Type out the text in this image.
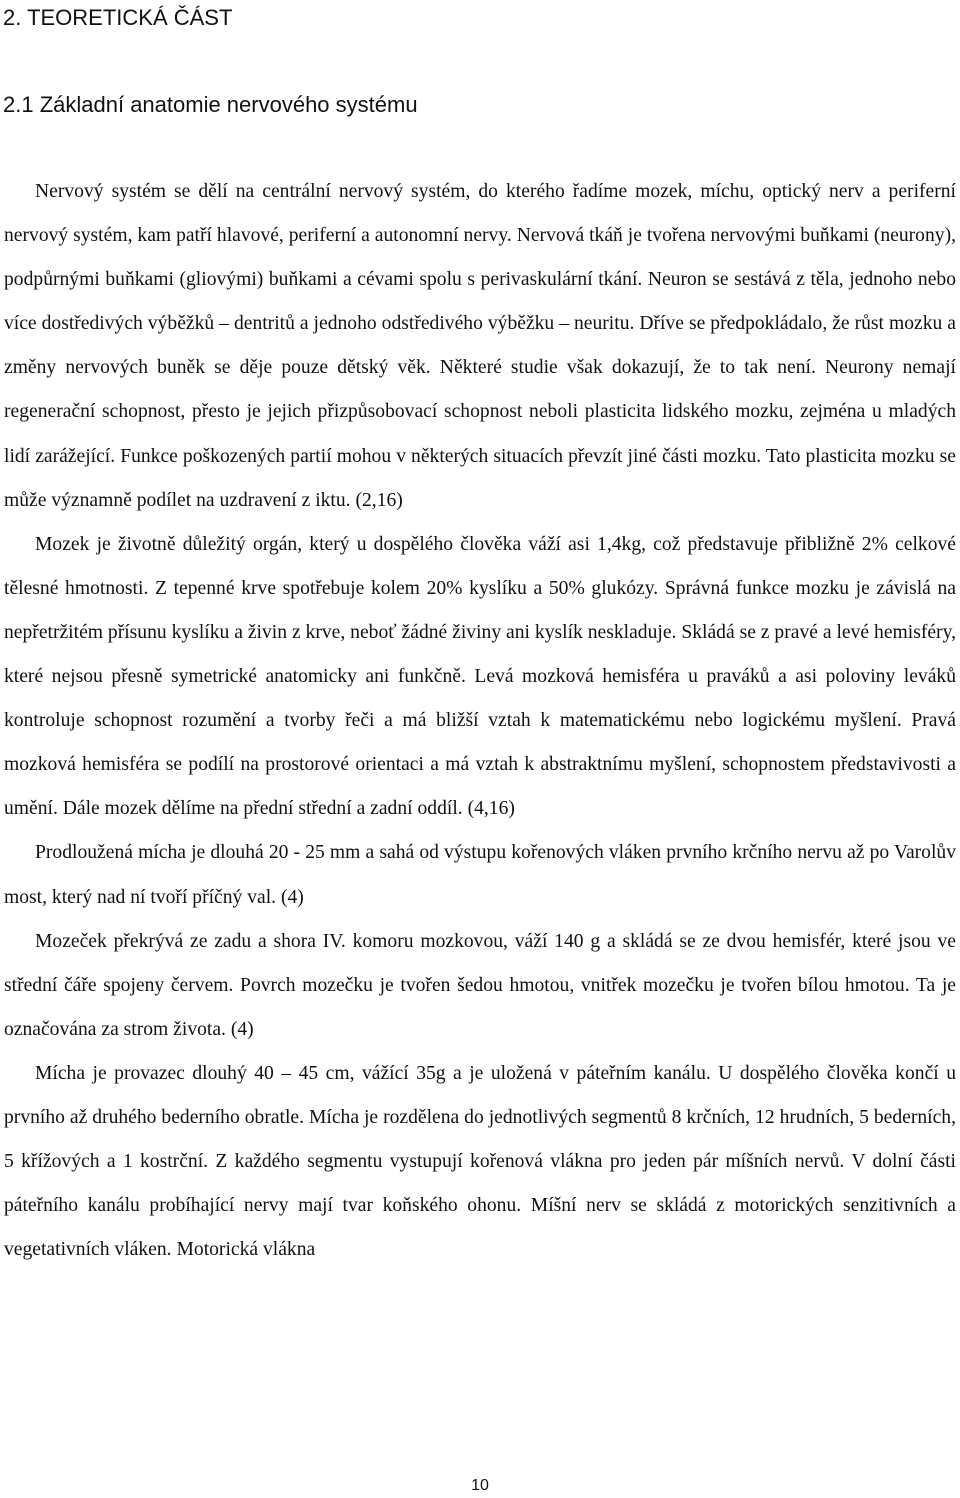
2. TEORETICKÁ ČÁST
2.1 Základní anatomie nervového systému

Nervový systém se dělí na centrální nervový systém, do kterého řadíme mozek, míchu, optický nerv a periferní nervový systém, kam patří hlavové, periferní a autonomní nervy. Nervová tkáň je tvořena nervovými buňkami (neurony), podpůrnými buňkami (gliovými) buňkami a cévami spolu s perivaskulární tkání. Neuron se sestává z těla, jednoho nebo více dostředivých výběžků – dentritů a jednoho odstředivého výběžku – neuritu. Dříve se předpokládalo, že růst mozku a změny nervových buněk se děje pouze dětský věk. Některé studie však dokazují, že to tak není. Neurony nemají regenerační schopnost, přesto je jejich přizpůsobovací schopnost neboli plasticita lidského mozku, zejména u mladých lidí zarážející. Funkce poškozených partií mohou v některých situacích převzít jiné části mozku. Tato plasticita mozku se může významně podílet na uzdravení z iktu. (2,16)

Mozek je životně důležitý orgán, který u dospělého člověka váží asi 1,4kg, což představuje přibližně 2% celkové tělesné hmotnosti. Z tepenné krve spotřebuje kolem 20% kyslíku a 50% glukózy. Správná funkce mozku je závislá na nepřetržitém přísunu kyslíku a živin z krve, neboť žádné živiny ani kyslík neskladuje. Skládá se z pravé a levé hemisféry, které nejsou přesně symetrické anatomicky ani funkčně. Levá mozková hemisféra u praváků a asi poloviny leváků kontroluje schopnost rozumění a tvorby řeči a má bližší vztah k matematickému nebo logickému myšlení. Pravá mozková hemisféra se podílí na prostorové orientaci a má vztah k abstraktnímu myšlení, schopnostem představivosti a umění. Dále mozek dělíme na přední střední a zadní oddíl. (4,16)

Prodloužená mícha je dlouhá 20 - 25 mm a sahá od výstupu kořenových vláken prvního krčního nervu až po Varolův most, který nad ní tvoří příčný val. (4)

Mozeček překrývá ze zadu a shora IV. komoru mozkovou, váží 140 g a skládá se ze dvou hemisfér, které jsou ve střední čáře spojeny červem. Povrch mozečku je tvořen šedou hmotou, vnitřek mozečku je tvořen bílou hmotou. Ta je označována za strom života. (4)

Mícha je provazec dlouhý 40 – 45 cm, vážící 35g a je uložená v páteřním kanálu. U dospělého člověka končí u prvního až druhého bederního obratle. Mícha je rozdělena do jednotlivých segmentů 8 krčních, 12 hrudních, 5 bederních, 5 křížových a 1 kostrční. Z každého segmentu vystupují kořenová vlákna pro jeden pár míšních nervů. V dolní části páteřního kanálu probíhající nervy mají tvar koňského ohonu. Míšní nerv se skládá z motorických senzitivních a vegetativních vláken. Motorická vlákna

10
